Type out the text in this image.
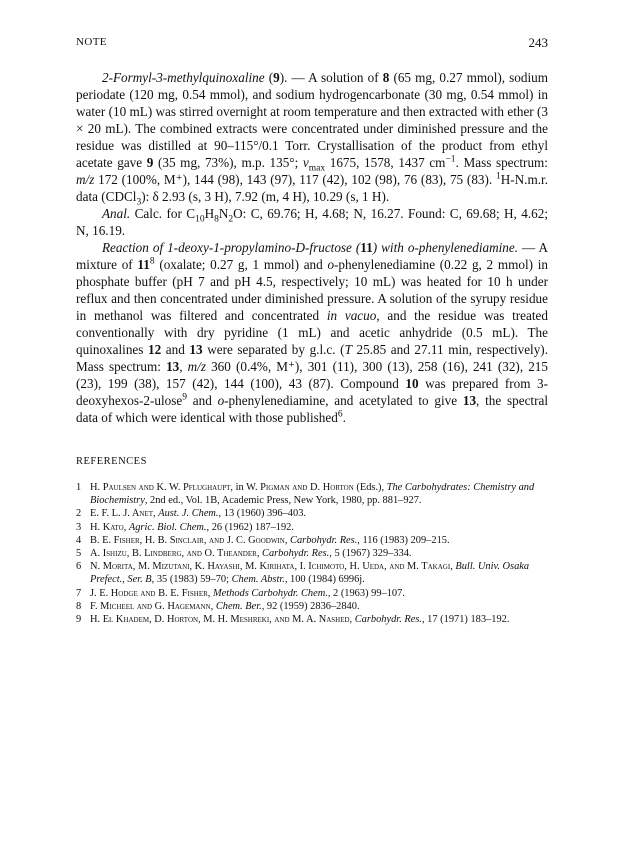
NOTE	243

2-Formyl-3-methylquinoxaline (9). — A solution of 8 (65 mg, 0.27 mmol), sodium periodate (120 mg, 0.54 mmol), and sodium hydrogencarbonate (30 mg, 0.54 mmol) in water (10 mL) was stirred overnight at room temperature and then extracted with ether (3 × 20 mL). The combined extracts were concentrated under diminished pressure and the residue was distilled at 90–115°/0.1 Torr. Crystallisation of the product from ethyl acetate gave 9 (35 mg, 73%), m.p. 135°; $\nu_{max}$ 1675, 1578, 1437 $cm^{-1}$. Mass spectrum: m/z 172 (100%, M⁺), 144 (98), 143 (97), 117 (42), 102 (98), 76 (83), 75 (83). $^1$H-N.m.r. data (CDCl$_3$): δ 2.93 (s, 3 H), 7.92 (m, 4 H), 10.29 (s, 1 H).

Anal. Calc. for $C_{10}H_8N_2O$: C, 69.76; H, 4.68; N, 16.27. Found: C, 69.68; H, 4.62; N, 16.19.

Reaction of 1-deoxy-1-propylamino-D-fructose (11) with o-phenylenediamine. — A mixture of $11^8$ (oxalate; 0.27 g, 1 mmol) and o-phenylenediamine (0.22 g, 2 mmol) in phosphate buffer (pH 7 and pH 4.5, respectively; 10 mL) was heated for 10 h under reflux and then concentrated under diminished pressure. A solution of the syrupy residue in methanol was filtered and concentrated in vacuo, and the residue was treated conventionally with dry pyridine (1 mL) and acetic anhydride (0.5 mL). The quinoxalines 12 and 13 were separated by g.l.c. (T 25.85 and 27.11 min, respectively). Mass spectrum: 13, m/z 360 (0.4%, M⁺), 301 (11), 300 (13), 258 (16), 241 (32), 215 (23), 199 (38), 157 (42), 144 (100), 43 (87). Compound 10 was prepared from 3-deoxyhexos-2-ulose$^9$ and o-phenylenediamine, and acetylated to give 13, the spectral data of which were identical with those published$^6$.

REFERENCES
1 H. Paulsen and K. W. Pflughaupt, in W. Pigman and D. Horton (Eds.), The Carbohydrates: Chemistry and Biochemistry, 2nd ed., Vol. 1B, Academic Press, New York, 1980, pp. 881–927.
2 E. F. L. J. Anet, Aust. J. Chem., 13 (1960) 396–403.
3 H. Kato, Agric. Biol. Chem., 26 (1962) 187–192.
4 B. E. Fisher, H. B. Sinclair, and J. C. Goodwin, Carbohydr. Res., 116 (1983) 209–215.
5 A. Ishizu, B. Lindberg, and O. Theander, Carbohydr. Res., 5 (1967) 329–334.
6 N. Morita, M. Mizutani, K. Hayashi, M. Kirihata, I. Ichimoto, H. Ueda, and M. Takagi, Bull. Univ. Osaka Prefect., Ser. B, 35 (1983) 59–70; Chem. Abstr., 100 (1984) 6996j.
7 J. E. Hodge and B. E. Fisher, Methods Carbohydr. Chem., 2 (1963) 99–107.
8 F. Micheel and G. Hagemann, Chem. Ber., 92 (1959) 2836–2840.
9 H. El Khadem, D. Horton, M. H. Meshreki, and M. A. Nashed, Carbohydr. Res., 17 (1971) 183–192.
